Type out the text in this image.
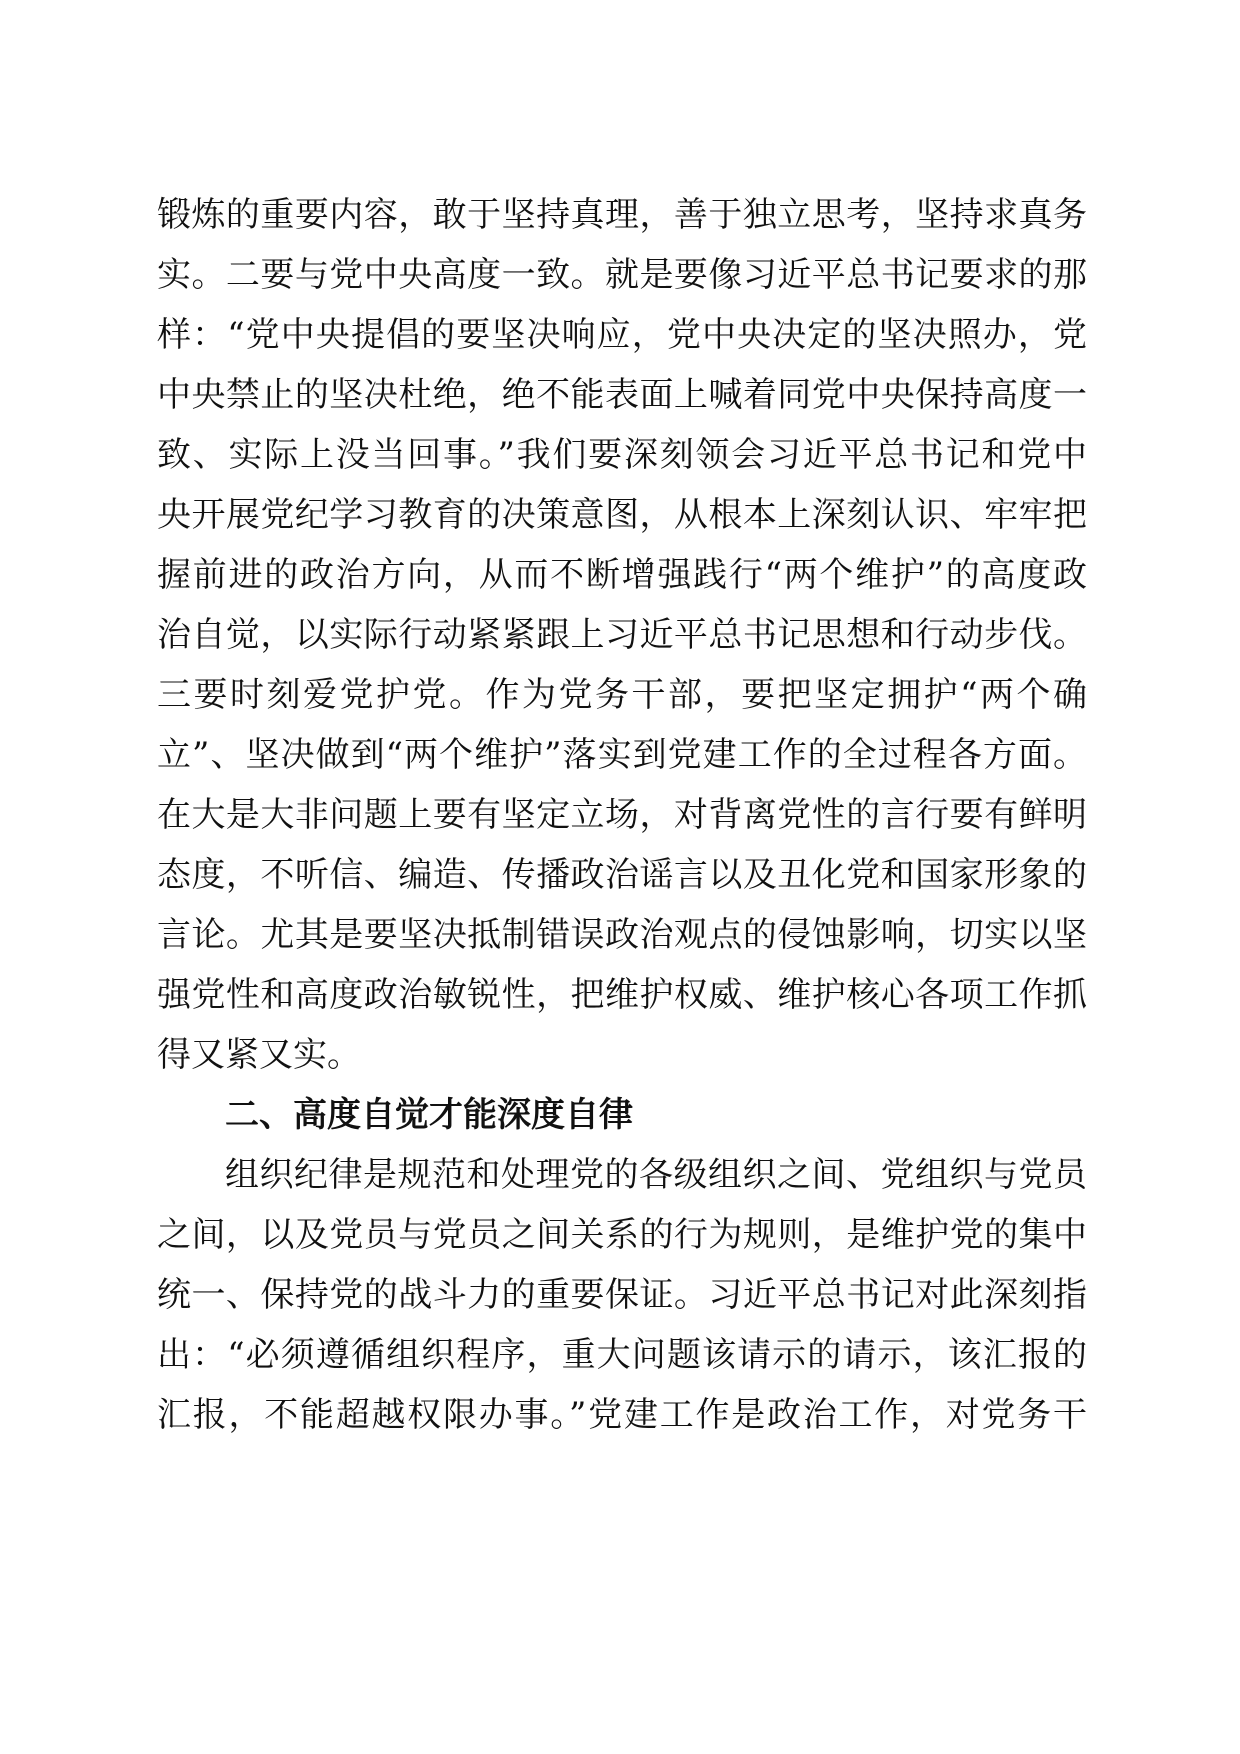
锻炼的重要内容，敢于坚持真理，善于独立思考，坚持求真务
实。二要与党中央高度一致。就是要像习近平总书记要求的那
样：“党中央提倡的要坚决响应，党中央决定的坚决照办，党
中央禁止的坚决杜绝，绝不能表面上喊着同党中央保持高度一
致、实际上没当回事。”我们要深刻领会习近平总书记和党中
央开展党纪学习教育的决策意图，从根本上深刻认识、牢牢把
握前进的政治方向，从而不断增强践行“两个维护”的高度政
治自觉，以实际行动紧紧跟上习近平总书记思想和行动步伐。
三要时刻爱党护党。作为党务干部，要把坚定拥护“两个确
立”、坚决做到“两个维护”落实到党建工作的全过程各方面。
在大是大非问题上要有坚定立场，对背离党性的言行要有鲜明
态度，不听信、编造、传播政治谣言以及丑化党和国家形象的
言论。尤其是要坚决抵制错误政治观点的侵蚀影响，切实以坚
强党性和高度政治敏锐性，把维护权威、维护核心各项工作抓
得又紧又实。
二、高度自觉才能深度自律
组织纪律是规范和处理党的各级组织之间、党组织与党员
之间，以及党员与党员之间关系的行为规则，是维护党的集中
统一、保持党的战斗力的重要保证。习近平总书记对此深刻指
出：“必须遵循组织程序，重大问题该请示的请示，该汇报的
汇报，不能超越权限办事。”党建工作是政治工作，对党务干
